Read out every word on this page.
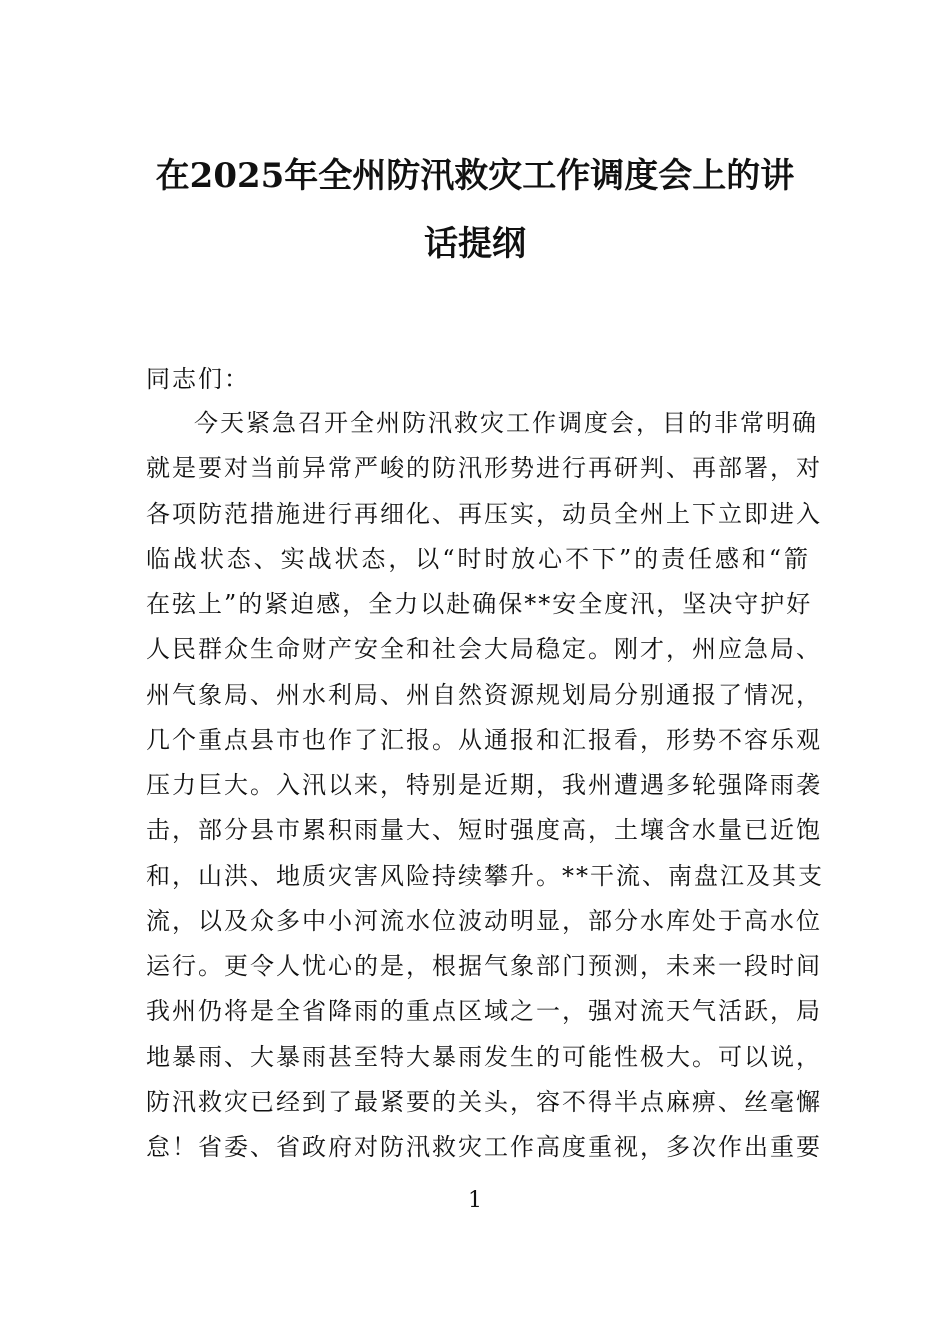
在2025年全州防汛救灾工作调度会上的讲
话提纲
同志们：
今天紧急召开全州防汛救灾工作调度会，目的非常明确
就是要对当前异常严峻的防汛形势进行再研判、再部署，对
各项防范措施进行再细化、再压实，动员全州上下立即进入
临战状态、实战状态，以“时时放心不下”的责任感和“箭
在弦上”的紧迫感，全力以赴确保**安全度汛，坚决守护好
人民群众生命财产安全和社会大局稳定。刚才，州应急局、
州气象局、州水利局、州自然资源规划局分别通报了情况，
几个重点县市也作了汇报。从通报和汇报看，形势不容乐观
压力巨大。入汛以来，特别是近期，我州遭遇多轮强降雨袭
击，部分县市累积雨量大、短时强度高，土壤含水量已近饱
和，山洪、地质灾害风险持续攀升。**干流、南盘江及其支
流，以及众多中小河流水位波动明显，部分水库处于高水位
运行。更令人忧心的是，根据气象部门预测，未来一段时间
我州仍将是全省降雨的重点区域之一，强对流天气活跃，局
地暴雨、大暴雨甚至特大暴雨发生的可能性极大。可以说，
防汛救灾已经到了最紧要的关头，容不得半点麻痹、丝毫懈
怠！省委、省政府对防汛救灾工作高度重视，多次作出重要
1
